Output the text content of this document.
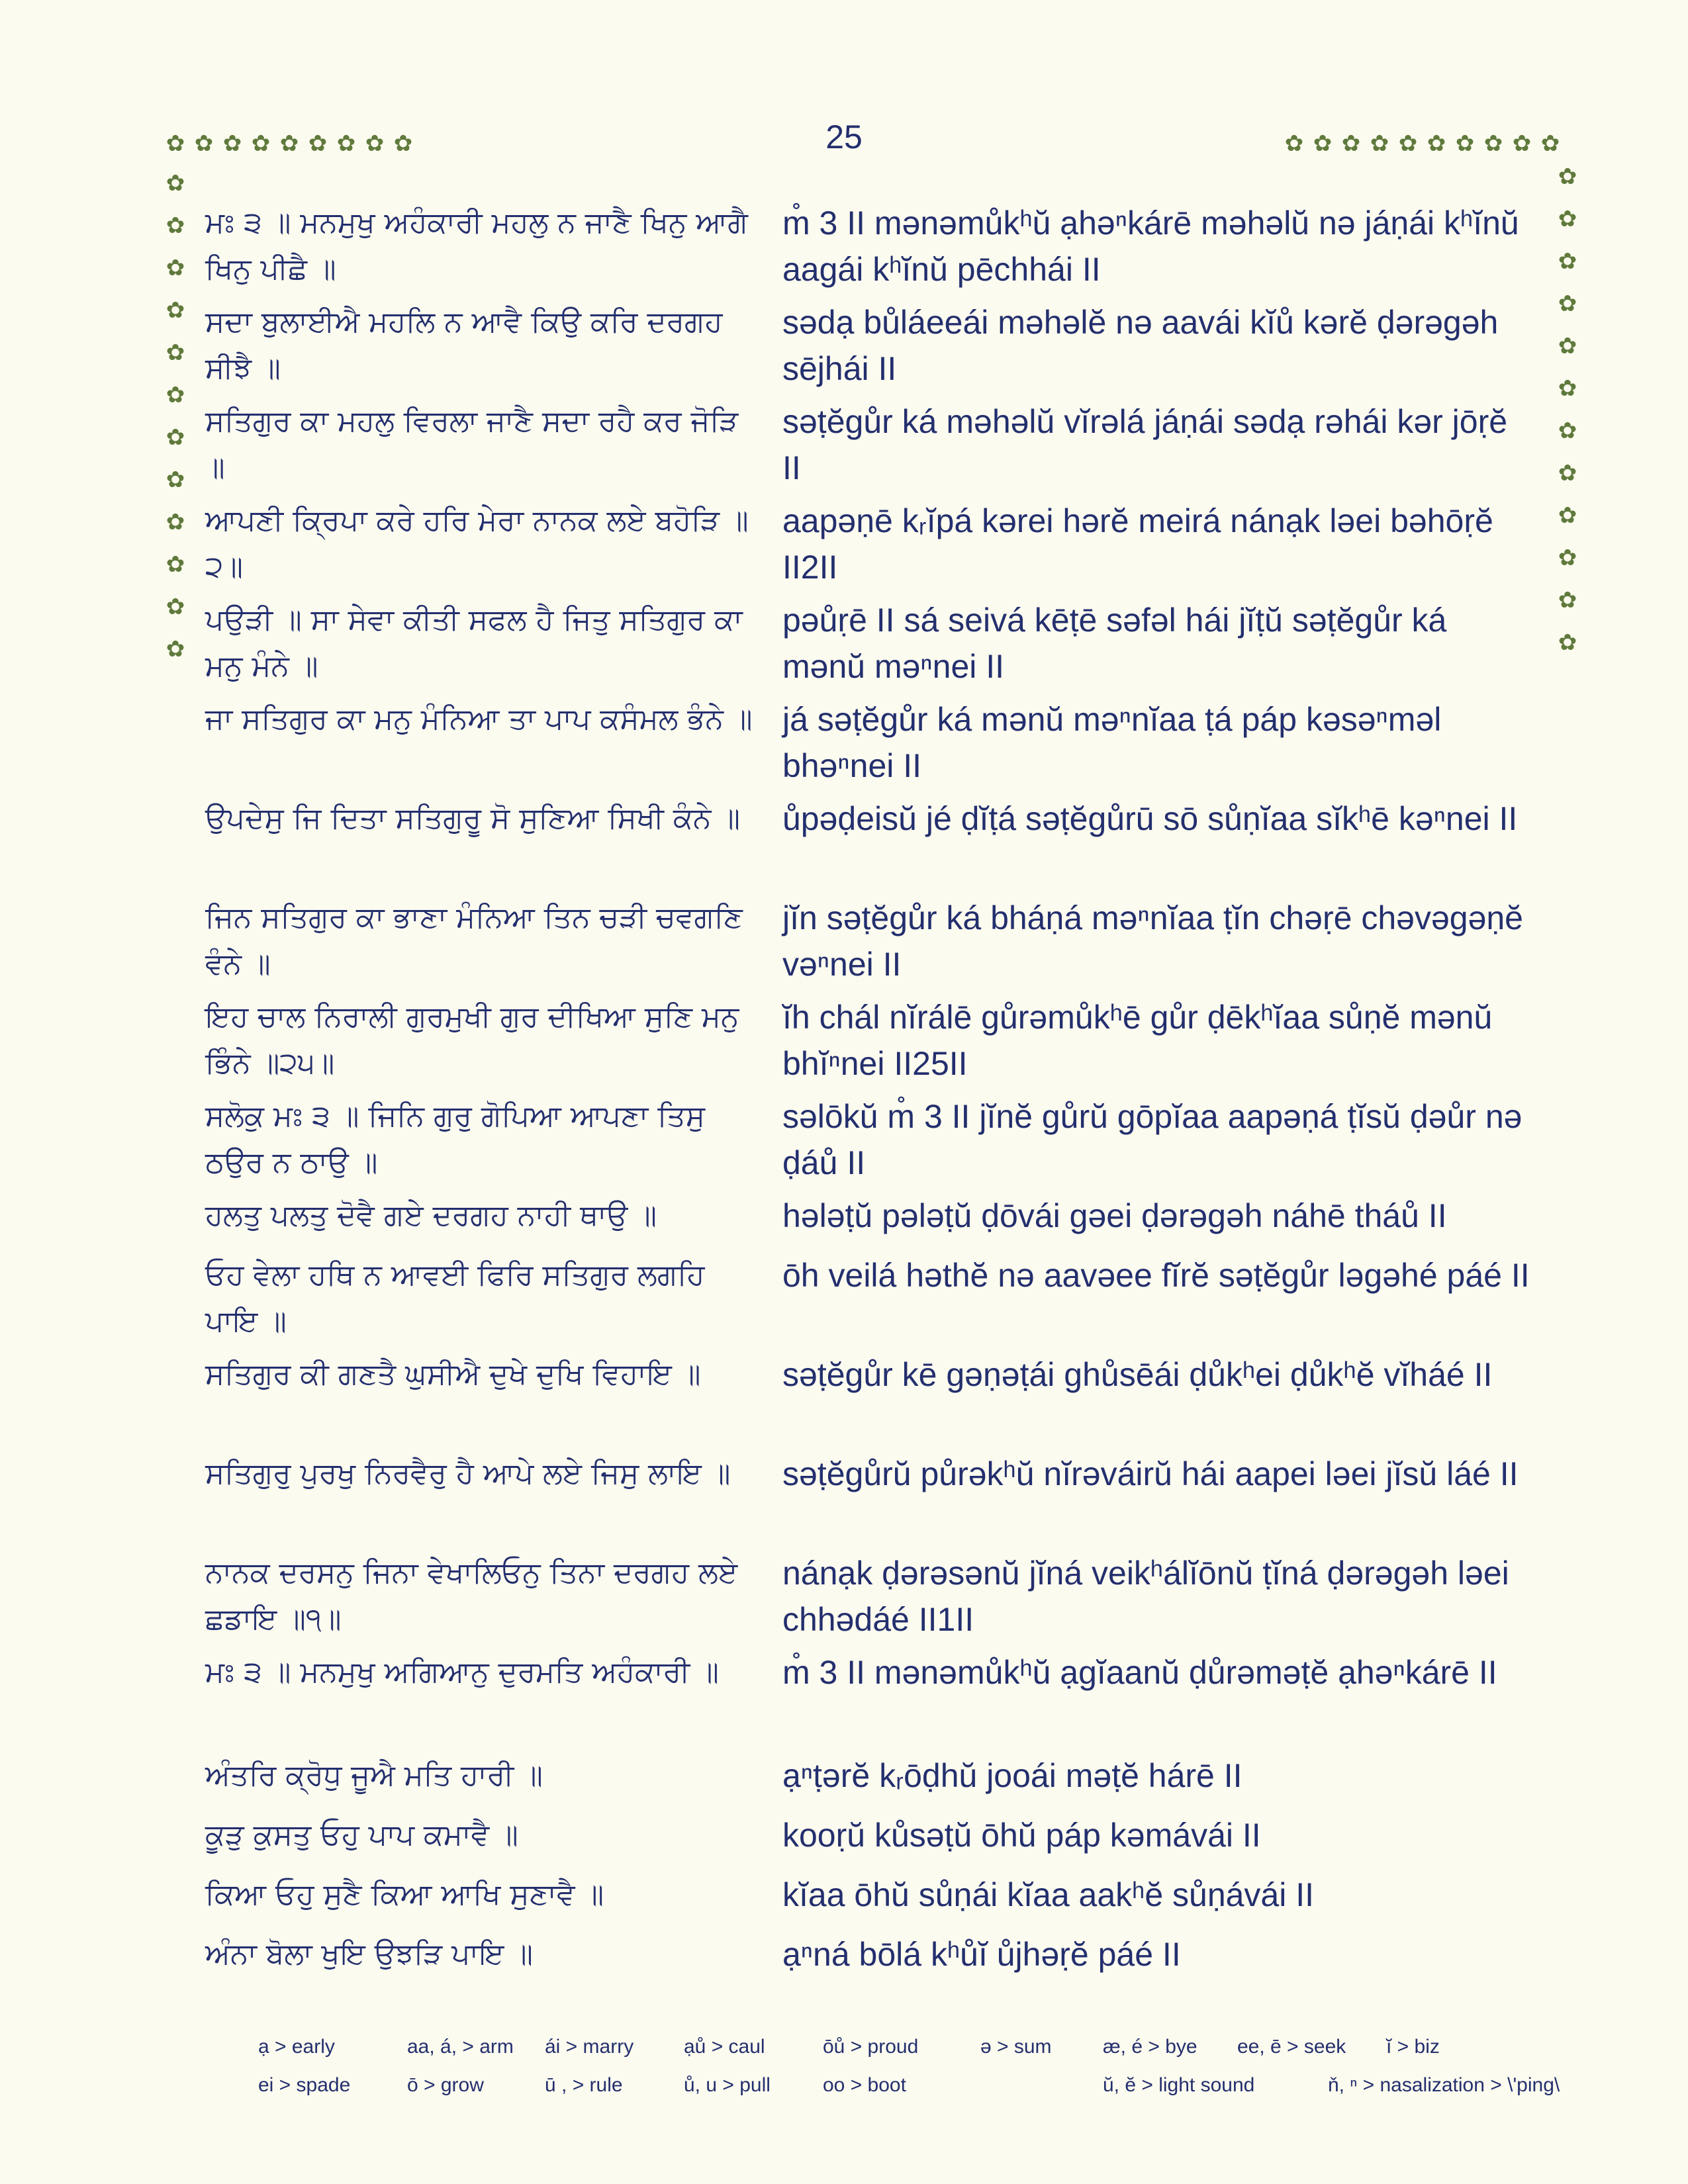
25
✿ ✿ ✿ ✿ ✿ ✿ ✿ ✿ ✿	✿ ✿ ✿ ✿ ✿ ✿ ✿ ✿ ✿ ✿
✿
✿
✿
✿
✿
✿
✿
✿
✿
✿
✿
✿
✿
✿
✿
✿
✿
✿
✿
✿
✿
✿
✿
✿
ਮਃ ੩ ॥ ਮਨਮੁਖੁ ਅਹੰਕਾਰੀ ਮਹਲੁ ਨ ਜਾਣੈ ਖਿਨੁ ਆਗੈ ਖਿਨੁ ਪੀਛੈ ॥
m̊ 3 II mənəmůkʰŭ ạhəⁿkárē məhəlŭ nə jáṇái kʰĭnŭ aagái kʰĭnŭ pēchhái II
ਸਦਾ ਬੁਲਾਈਐ ਮਹਲਿ ਨ ਆਵੈ ਕਿਉ ਕਰਿ ਦਰਗਹ ਸੀਝੈ ॥
sədạ bůláeeái məhəlĕ nə aavái kĭů kərĕ ḍərəgəh sējhái II
ਸਤਿਗੁਰ ਕਾ ਮਹਲੁ ਵਿਰਲਾ ਜਾਣੈ ਸਦਾ ਰਹੈ ਕਰ ਜੋੜਿ ॥
səṭĕgůr ká məhəlŭ vĭrəlá jáṇái sədạ rəhái kər jōṛĕ II
ਆਪਣੀ ਕ੍ਰਿਪਾ ਕਰੇ ਹਰਿ ਮੇਰਾ ਨਾਨਕ ਲਏ ਬਹੋੜਿ ॥੨॥
aapəṇē kᵣĭpá kərei hərĕ meirá nánạk ləei bəhōṛĕ II2II
ਪਉੜੀ ॥ ਸਾ ਸੇਵਾ ਕੀਤੀ ਸਫਲ ਹੈ ਜਿਤੁ ਸਤਿਗੁਰ ਕਾ ਮਨੁ ਮੰਨੇ ॥
pəůṛē II sá seivá kēṭē səfəl hái jĭṭŭ səṭĕgůr ká mənŭ məⁿnei II
ਜਾ ਸਤਿਗੁਰ ਕਾ ਮਨੁ ਮੰਨਿਆ ਤਾ ਪਾਪ ਕਸੰਮਲ ਭੰਨੇ ॥ já səṭĕgůr ká mənŭ məⁿnĭaa ṭá páp kəsəⁿməl bhəⁿnei II
ਉਪਦੇਸੁ ਜਿ ਦਿਤਾ ਸਤਿਗੁਰੂ ਸੋ ਸੁਣਿਆ ਸਿਖੀ ਕੰਨੇ ॥	ůpəḍeisŭ jé ḍĭṭá səṭĕgůrū sō sůṇĭaa sĭkʰē kəⁿnei II
ਜਿਨ ਸਤਿਗੁਰ ਕਾ ਭਾਣਾ ਮੰਨਿਆ ਤਿਨ ਚੜੀ ਚਵਗਣਿ ਵੰਨੇ ॥
jĭn səṭĕgůr ká bháṇá məⁿnĭaa ṭĭn chəṛē chəvəgəṇĕ vəⁿnei II
ਇਹ ਚਾਲ ਨਿਰਾਲੀ ਗੁਰਮੁਖੀ ਗੁਰ ਦੀਖਿਆ ਸੁਣਿ ਮਨੁ ਭਿੰਨੇ ॥੨੫॥
ĭh chál nĭrálē gůrəmůkʰē gůr ḍēkʰĭaa sůṇĕ mənŭ bhĭⁿnei II25II
ਸਲੋਕੁ ਮਃ ੩ ॥ ਜਿਨਿ ਗੁਰੁ ਗੋਪਿਆ ਆਪਣਾ ਤਿਸੁ ਠਉਰ ਨ ਠਾਉ ॥
səlōkŭ m̊ 3 II jĭnĕ gůrŭ gōpĭaa aapəṇá ṭĭsŭ ḍəůr nə ḍáů II
ਹਲਤੁ ਪਲਤੁ ਦੋਵੈ ਗਏ ਦਰਗਹ ਨਾਹੀ ਥਾਉ ॥	hələṭŭ pələṭŭ ḍōvái gəei ḍərəgəh náhē tháů II
ਓਹ ਵੇਲਾ ਹਥਿ ਨ ਆਵਈ ਫਿਰਿ ਸਤਿਗੁਰ ਲਗਹਿ ਪਾਇ ॥
ōh veilá həthĕ nə aavəee fĭrĕ səṭĕgůr ləgəhé páé II
ਸਤਿਗੁਰ ਕੀ ਗਣਤੈ ਘੁਸੀਐ ਦੁਖੇ ਦੁਖਿ ਵਿਹਾਇ ॥	səṭĕgůr kē gəṇəṭái ghůsēái ḍůkʰei ḍůkʰĕ vĭháé II
ਸਤਿਗੁਰੁ ਪੁਰਖੁ ਨਿਰਵੈਰੁ ਹੈ ਆਪੇ ਲਏ ਜਿਸੁ ਲਾਇ ॥	səṭĕgůrŭ půrəkʰŭ nĭrəváirŭ hái aapei ləei jĭsŭ láé II
ਨਾਨਕ ਦਰਸਨੁ ਜਿਨਾ ਵੇਖਾਲਿਓਨੁ ਤਿਨਾ ਦਰਗਹ ਲਏ ਛਡਾਇ ॥੧॥
nánạk ḍərəsənŭ jĭná veikʰálĭōnŭ ṭĭná ḍərəgəh ləei chhədáé II1II
ਮਃ ੩ ॥ ਮਨਮੁਖੁ ਅਗਿਆਨੁ ਦੁਰਮਤਿ ਅਹੰਕਾਰੀ ॥	m̊ 3 II mənəmůkʰŭ ạgĭaanŭ ḍůrəməṭĕ ạhəⁿkárē II
ਅੰਤਰਿ ਕ੍ਰੋਧੁ ਜੂਐ ਮਤਿ ਹਾਰੀ ॥	ạⁿṭərĕ kᵣōḍhŭ jooái məṭĕ hárē II
ਕੂੜੁ ਕੁਸਤੁ ਓਹੁ ਪਾਪ ਕਮਾਵੈ ॥	kooṛŭ kůsəṭŭ ōhŭ páp kəmávái II
ਕਿਆ ਓਹੁ ਸੁਣੈ ਕਿਆ ਆਖਿ ਸੁਣਾਵੈ ॥	kĭaa ōhŭ sůṇái kĭaa aakʰĕ sůṇávái II
ਅੰਨਾ ਬੋਲਾ ਖੁਇ ਉਝੜਿ ਪਾਇ ॥	ạⁿná bōlá kʰůĭ ůjhəṛĕ páé II
ạ > early	aa, á, > arm	ái > marry	ạů > caul	ōů > proud	ə > sum	æ, é > bye	ee, ē > seek	ĭ > biz
ei > spade	ō > grow	ū , > rule	ů, u > pull	oo > boot	ŭ, ĕ > light sound	ň, ⁿ > nasalization > \'ping\
